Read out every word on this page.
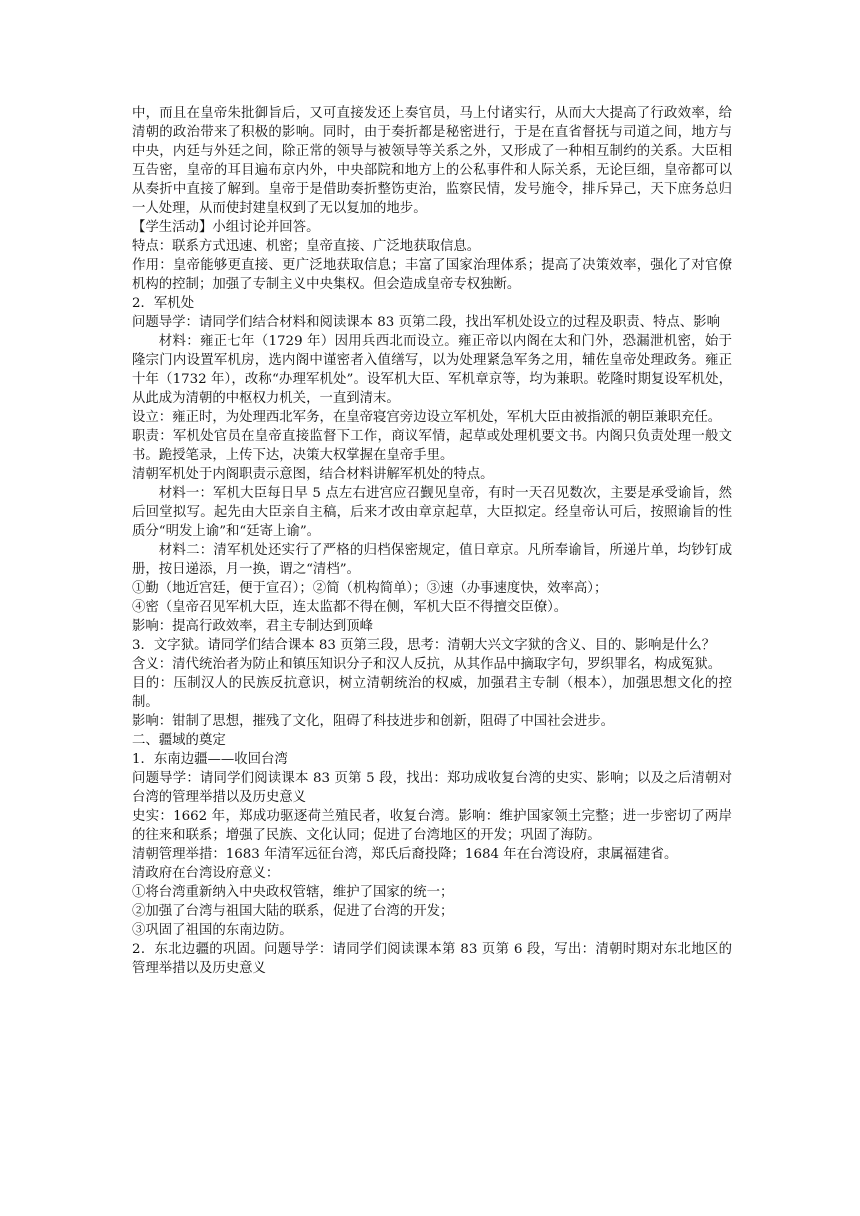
中，而且在皇帝朱批御旨后，又可直接发还上奏官员，马上付诸实行，从而大大提高了行政效率，给清朝的政治带来了积极的影响。同时，由于奏折都是秘密进行，于是在直省督抚与司道之间，地方与中央，内廷与外廷之间，除正常的领导与被领导等关系之外，又形成了一种相互制约的关系。大臣相互告密，皇帝的耳目遍布京内外，中央部院和地方上的公私事件和人际关系，无论巨细，皇帝都可以从奏折中直接了解到。皇帝于是借助奏折整饬吏治，监察民情，发号施令，排斥异己，天下庶务总归一人处理，从而使封建皇权到了无以复加的地步。

【学生活动】小组讨论并回答。

特点：联系方式迅速、机密；皇帝直接、广泛地获取信息。

作用：皇帝能够更直接、更广泛地获取信息；丰富了国家治理体系；提高了决策效率，强化了对官僚机构的控制；加强了专制主义中央集权。但会造成皇帝专权独断。

2．军机处

问题导学：请同学们结合材料和阅读课本 83 页第二段，找出军机处设立的过程及职责、特点、影响

材料：雍正七年（1729 年）因用兵西北而设立。雍正帝以内阁在太和门外，恐漏泄机密，始于隆宗门内设置军机房，选内阁中谨密者入值缮写，以为处理紧急军务之用，辅佐皇帝处理政务。雍正十年（1732 年），改称“办理军机处”。设军机大臣、军机章京等，均为兼职。乾隆时期复设军机处，从此成为清朝的中枢权力机关，一直到清末。

设立：雍正时，为处理西北军务，在皇帝寝宫旁边设立军机处，军机大臣由被指派的朝臣兼职充任。

职责：军机处官员在皇帝直接监督下工作，商议军情，起草或处理机要文书。内阁只负责处理一般文书。跪授笔录，上传下达，决策大权掌握在皇帝手里。

清朝军机处于内阁职责示意图，结合材料讲解军机处的特点。

材料一：军机大臣每日早 5 点左右进宫应召觐见皇帝，有时一天召见数次，主要是承受谕旨，然后回堂拟写。起先由大臣亲自主稿，后来才改由章京起草，大臣拟定。经皇帝认可后，按照谕旨的性质分“明发上谕”和“廷寄上谕”。

材料二：清军机处还实行了严格的归档保密规定，值日章京。凡所奉谕旨，所递片单，均钞钉成册，按日递添，月一换，谓之“清档”。

①勤（地近宫廷，便于宣召）；②简（机构简单）；③速（办事速度快，效率高）；

④密（皇帝召见军机大臣，连太监都不得在侧，军机大臣不得擅交臣僚）。

影响：提高行政效率，君主专制达到顶峰

3．文字狱。请同学们结合课本 83 页第三段，思考：清朝大兴文字狱的含义、目的、影响是什么？

含义：清代统治者为防止和镇压知识分子和汉人反抗，从其作品中摘取字句，罗织罪名，构成冤狱。

目的：压制汉人的民族反抗意识，树立清朝统治的权威，加强君主专制（根本），加强思想文化的控制。

影响：钳制了思想，摧残了文化，阻碍了科技进步和创新，阻碍了中国社会进步。

二、疆域的奠定

1．东南边疆——收回台湾

问题导学：请同学们阅读课本 83 页第 5 段，找出：郑功成收复台湾的史实、影响；以及之后清朝对台湾的管理举措以及历史意义

史实：1662 年，郑成功驱逐荷兰殖民者，收复台湾。影响：维护国家领土完整；进一步密切了两岸的往来和联系；增强了民族、文化认同；促进了台湾地区的开发；巩固了海防。

清朝管理举措：1683 年清军远征台湾，郑氏后裔投降；1684 年在台湾设府，隶属福建省。

清政府在台湾设府意义：

①将台湾重新纳入中央政权管辖，维护了国家的统一；

②加强了台湾与祖国大陆的联系，促进了台湾的开发；

③巩固了祖国的东南边防。

2．东北边疆的巩固。问题导学：请同学们阅读课本第 83 页第 6 段，写出：清朝时期对东北地区的管理举措以及历史意义
